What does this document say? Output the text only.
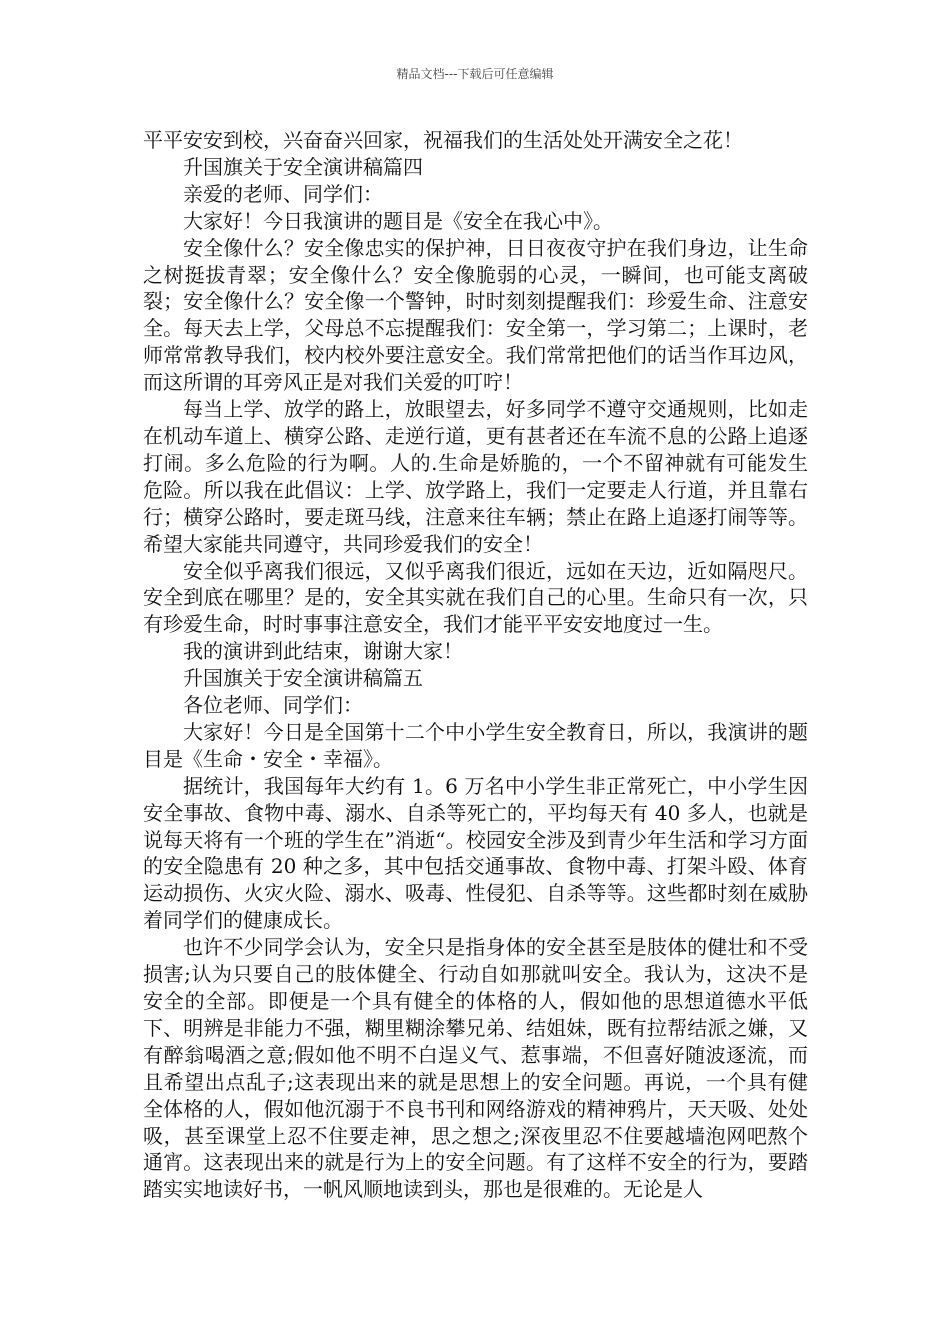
精品文档---下载后可任意编辑

平平安安到校，兴奋奋兴回家，祝福我们的生活处处开满安全之花！

升国旗关于安全演讲稿篇四

亲爱的老师、同学们：

大家好！今日我演讲的题目是《安全在我心中》。

安全像什么？安全像忠实的保护神，日日夜夜守护在我们身边，让生命之树挺拔青翠；安全像什么？安全像脆弱的心灵，一瞬间，也可能支离破裂；安全像什么？安全像一个警钟，时时刻刻提醒我们：珍爱生命、注意安全。每天去上学，父母总不忘提醒我们：安全第一，学习第二；上课时，老师常常教导我们，校内校外要注意安全。我们常常把他们的话当作耳边风，而这所谓的耳旁风正是对我们关爱的叮咛！

每当上学、放学的路上，放眼望去，好多同学不遵守交通规则，比如走在机动车道上、横穿公路、走逆行道，更有甚者还在车流不息的公路上追逐打闹。多么危险的行为啊。人的.生命是娇脆的，一个不留神就有可能发生危险。所以我在此倡议：上学、放学路上，我们一定要走人行道，并且靠右行；横穿公路时，要走斑马线，注意来往车辆；禁止在路上追逐打闹等等。希望大家能共同遵守，共同珍爱我们的安全！

安全似乎离我们很远，又似乎离我们很近，远如在天边，近如隔咫尺。安全到底在哪里？是的，安全其实就在我们自己的心里。生命只有一次，只有珍爱生命，时时事事注意安全，我们才能平平安安地度过一生。

我的演讲到此结束，谢谢大家！

升国旗关于安全演讲稿篇五

各位老师、同学们：

大家好！今日是全国第十二个中小学生安全教育日，所以，我演讲的题目是《生命・安全・幸福》。

据统计，我国每年大约有 1。6 万名中小学生非正常死亡，中小学生因安全事故、食物中毒、溺水、自杀等死亡的，平均每天有 40 多人，也就是说每天将有一个班的学生在”消逝“。校园安全涉及到青少年生活和学习方面的安全隐患有 20 种之多，其中包括交通事故、食物中毒、打架斗殴、体育运动损伤、火灾火险、溺水、吸毒、性侵犯、自杀等等。这些都时刻在威胁着同学们的健康成长。

也许不少同学会认为，安全只是指身体的安全甚至是肢体的健壮和不受损害;认为只要自己的肢体健全、行动自如那就叫安全。我认为，这决不是安全的全部。即便是一个具有健全的体格的人，假如他的思想道德水平低下、明辨是非能力不强，糊里糊涂攀兄弟、结姐妹，既有拉帮结派之嫌，又有醉翁喝酒之意;假如他不明不白逞义气、惹事端，不但喜好随波逐流，而且希望出点乱子;这表现出来的就是思想上的安全问题。再说，一个具有健全体格的人，假如他沉溺于不良书刊和网络游戏的精神鸦片，天天吸、处处吸，甚至课堂上忍不住要走神，思之想之;深夜里忍不住要越墙泡网吧熬个通宵。这表现出来的就是行为上的安全问题。有了这样不安全的行为，要踏踏实实地读好书，一帆风顺地读到头，那也是很难的。无论是人
